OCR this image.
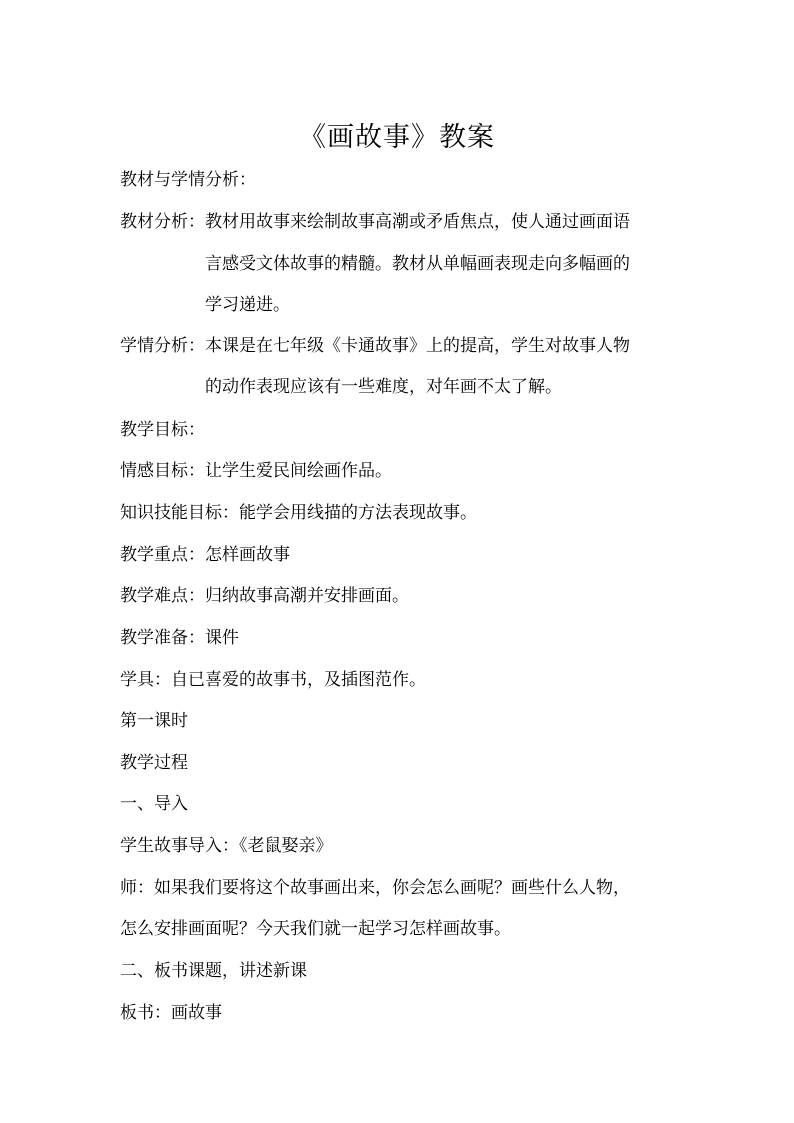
《画故事》教案
教材与学情分析：
教材分析：教材用故事来绘制故事高潮或矛盾焦点，使人通过画面语
言感受文体故事的精髓。教材从单幅画表现走向多幅画的
学习递进。
学情分析：本课是在七年级《卡通故事》上的提高，学生对故事人物
的动作表现应该有一些难度，对年画不太了解。
教学目标：
情感目标：让学生爱民间绘画作品。
知识技能目标：能学会用线描的方法表现故事。
教学重点：怎样画故事
教学难点：归纳故事高潮并安排画面。
教学准备：课件
学具：自已喜爱的故事书，及插图范作。
第一课时
教学过程
一、导入
学生故事导入：《老鼠娶亲》
师：如果我们要将这个故事画出来，你会怎么画呢？画些什么人物，
怎么安排画面呢？今天我们就一起学习怎样画故事。
二、板书课题，讲述新课
板书：画故事
